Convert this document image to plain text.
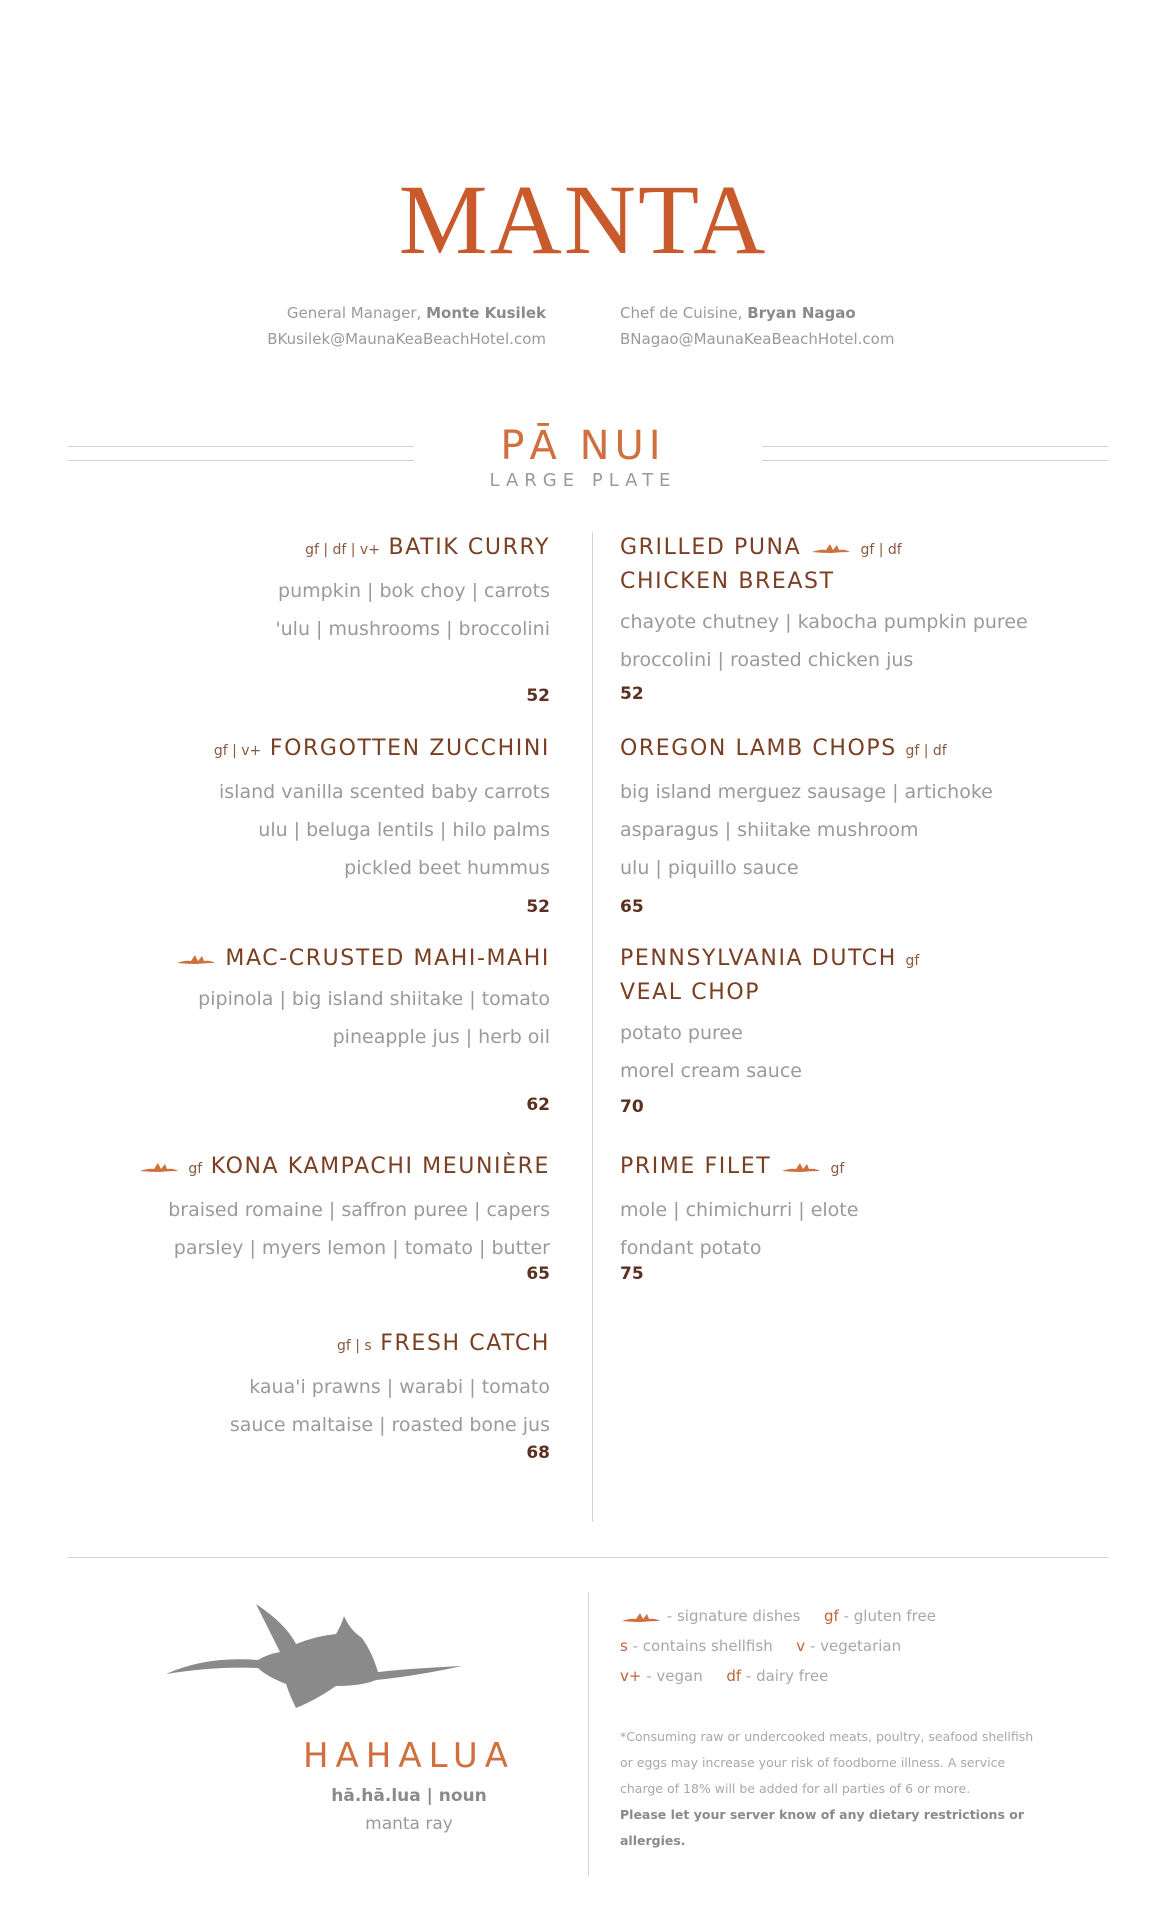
MANTA
General Manager, Monte Kusilek
BKusilek@MaunaKeaBeachHotel.com
Chef de Cuisine, Bryan Nagao
BNagao@MaunaKeaBeachHotel.com
PĀ NUI
LARGE PLATE
gf | df | v+ BATIK CURRY
pumpkin | bok choy | carrots
'ulu | mushrooms | broccolini
52
gf | v+ FORGOTTEN ZUCCHINI
island vanilla scented baby carrots
ulu | beluga lentils | hilo palms
pickled beet hummus
52
MAC-CRUSTED MAHI-MAHI
pipinola | big island shiitake | tomato
pineapple jus | herb oil
62
gf KONA KAMPACHI MEUNIÈRE
braised romaine | saffron puree | capers
parsley | myers lemon | tomato | butter
65
gf | s FRESH CATCH
kaua'i prawns | warabi | tomato
sauce maltaise | roasted bone jus
68
GRILLED PUNA	gf | df
CHICKEN BREAST
chayote chutney | kabocha pumpkin puree
broccolini | roasted chicken jus
52
OREGON LAMB CHOPS gf | df
big island merguez sausage | artichoke
asparagus | shiitake mushroom
ulu | piquillo sauce
65
PENNSYLVANIA DUTCH gf
VEAL CHOP
potato puree
morel cream sauce
70
PRIME FILET	gf
mole | chimichurri | elote
fondant potato
75
HAHALUA
hā.hā.lua | noun
manta ray
- signature dishes gf - gluten free
s - contains shellfish v - vegetarian
v+ - vegan df - dairy free
*Consuming raw or undercooked meats, poultry, seafood shellfish
or eggs may increase your risk of foodborne illness. A service
charge of 18% will be added for all parties of 6 or more.
Please let your server know of any dietary restrictions or allergies.
